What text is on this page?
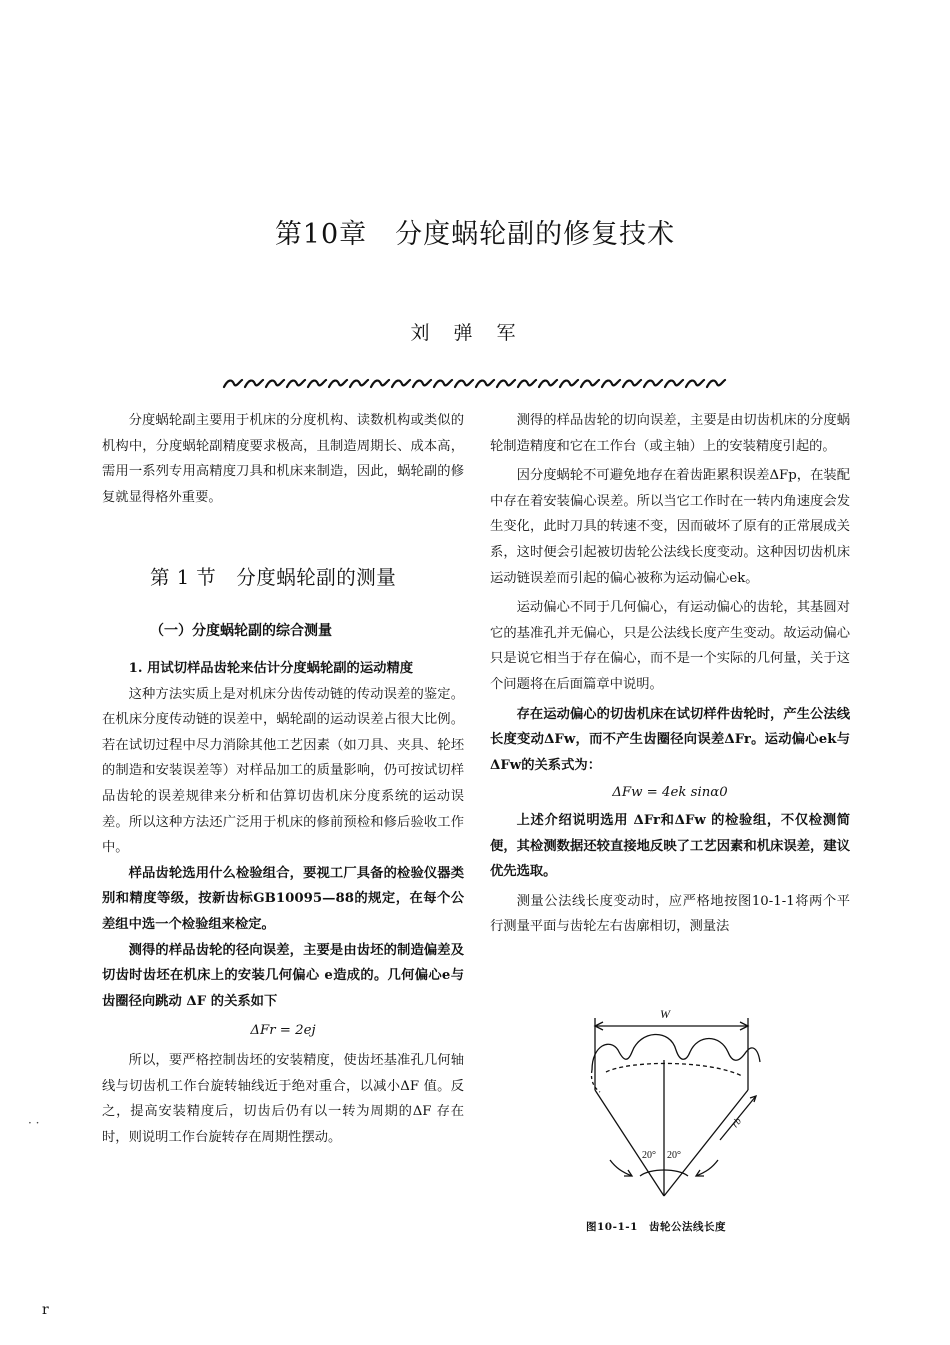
第10章　分度蜗轮副的修复技术
刘弹军

分度蜗轮副主要用于机床的分度机构、读数机构或类似的机构中，分度蜗轮副精度要求极高，且制造周期长、成本高，需用一系列专用高精度刀具和机床来制造，因此，蜗轮副的修复就显得格外重要。

第 1 节　分度蜗轮副的测量
（一）分度蜗轮副的综合测量

1. 用试切样品齿轮来估计分度蜗轮副的运动精度

这种方法实质上是对机床分齿传动链的传动误差的鉴定。在机床分度传动链的误差中，蜗轮副的运动误差占很大比例。若在试切过程中尽力消除其他工艺因素（如刀具、夹具、轮坯的制造和安装误差等）对样品加工的质量影响，仍可按试切样品齿轮的误差规律来分析和估算切齿机床分度系统的运动误差。所以这种方法还广泛用于机床的修前预检和修后验收工作中。

样品齿轮选用什么检验组合，要视工厂具备的检验仪器类别和精度等级，按新齿标GB10095—88的规定，在每个公差组中选一个检验组来检定。

测得的样品齿轮的径向误差，主要是由齿坯的制造偏差及切齿时齿坯在机床上的安装几何偏心 e造成的。几何偏心e与齿圈径向跳动 ΔF 的关系如下

ΔFr = 2ej

所以，要严格控制齿坯的安装精度，使齿坯基准孔几何轴线与切齿机工作台旋转轴线近于绝对重合，以减小ΔF 值。反之，提高安装精度后，切齿后仍有以一转为周期的ΔF 存在时，则说明工作台旋转存在周期性摆动。

测得的样品齿轮的切向误差，主要是由切齿机床的分度蜗轮制造精度和它在工作台（或主轴）上的安装精度引起的。

因分度蜗轮不可避免地存在着齿距累积误差ΔFp，在装配中存在着安装偏心误差。所以当它工作时在一转内角速度会发生变化，此时刀具的转速不变，因而破坏了原有的正常展成关系，这时便会引起被切齿轮公法线长度变动。这种因切齿机床运动链误差而引起的偏心被称为运动偏心ek。

运动偏心不同于几何偏心，有运动偏心的齿轮，其基圆对它的基准孔并无偏心，只是公法线长度产生变动。故运动偏心只是说它相当于存在偏心，而不是一个实际的几何量，关于这个问题将在后面篇章中说明。

存在运动偏心的切齿机床在试切样件齿轮时，产生公法线长度变动ΔFw，而不产生齿圈径向误差ΔFr。运动偏心ek与ΔFw的关系式为：

ΔFw = 4ek sinα0

上述介绍说明选用 ΔFr和ΔFw 的检验组，不仅检测简便，其检测数据还较直接地反映了工艺因素和机床误差，建议优先选取。

测量公法线长度变动时，应严格地按图10-1-1将两个平行测量平面与齿轮左右齿廓相切，测量法

W
rb
20° 20°
图10-1-1　齿轮公法线长度
· ·
r
